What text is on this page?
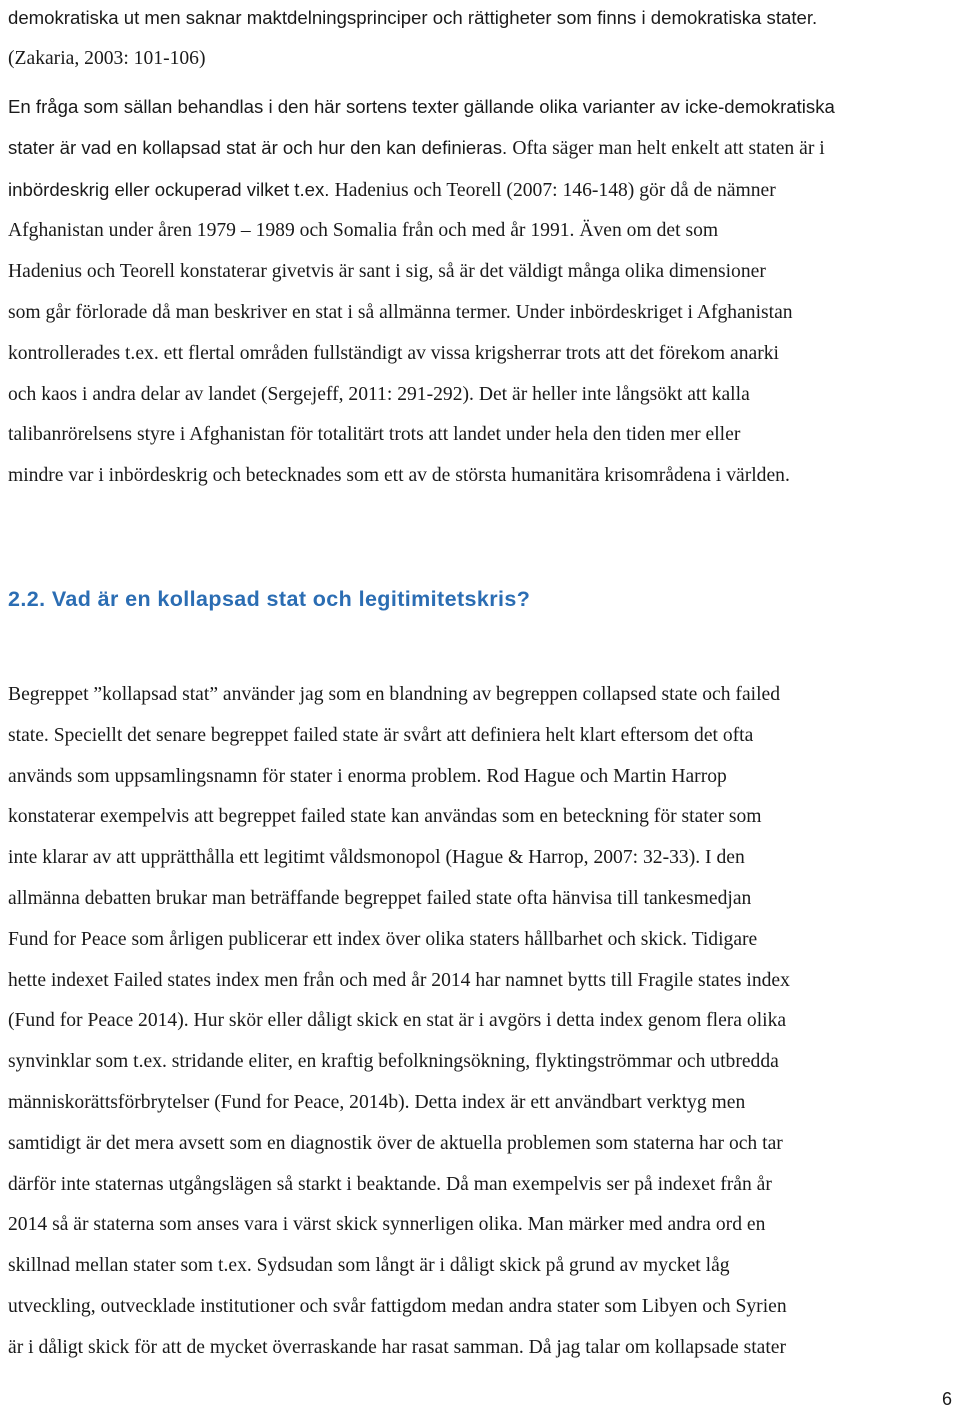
demokratiska ut men saknar maktdelningsprinciper och rättigheter som finns i demokratiska stater.
(Zakaria, 2003: 101-106)
En fråga som sällan behandlas i den här sortens texter gällande olika varianter av icke-demokratiska
stater är vad en kollapsad stat är och hur den kan definieras. Ofta säger man helt enkelt att staten är i
inbördeskrig eller ockuperad vilket t.ex. Hadenius och Teorell (2007: 146-148) gör då de nämner
Afghanistan under åren 1979 – 1989 och Somalia från och med år 1991. Även om det som
Hadenius och Teorell konstaterar givetvis är sant i sig, så är det väldigt många olika dimensioner
som går förlorade då man beskriver en stat i så allmänna termer. Under inbördeskriget i Afghanistan
kontrollerades t.ex. ett flertal områden fullständigt av vissa krigsherrar trots att det förekom anarki
och kaos i andra delar av landet (Sergejeff, 2011: 291-292). Det är heller inte långsökt att kalla
talibanrörelsens styre i Afghanistan för totalitärt trots att landet under hela den tiden mer eller
mindre var i inbördeskrig och betecknades som ett av de största humanitära krisområdena i världen.
2.2. Vad är en kollapsad stat och legitimitetskris?
Begreppet ”kollapsad stat” använder jag som en blandning av begreppen collapsed state och failed
state. Speciellt det senare begreppet failed state är svårt att definiera helt klart eftersom det ofta
används som uppsamlingsnamn för stater i enorma problem. Rod Hague och Martin Harrop
konstaterar exempelvis att begreppet failed state kan användas som en beteckning för stater som
inte klarar av att upprätthålla ett legitimt våldsmonopol (Hague & Harrop, 2007: 32-33). I den
allmänna debatten brukar man beträffande begreppet failed state ofta hänvisa till tankesmedjan
Fund for Peace som årligen publicerar ett index över olika staters hållbarhet och skick. Tidigare
hette indexet Failed states index men från och med år 2014 har namnet bytts till Fragile states index
(Fund for Peace 2014). Hur skör eller dåligt skick en stat är i avgörs i detta index genom flera olika
synvinklar som t.ex. stridande eliter, en kraftig befolkningsökning, flyktingströmmar och utbredda
människorättsförbrytelser (Fund for Peace, 2014b). Detta index är ett användbart verktyg men
samtidigt är det mera avsett som en diagnostik över de aktuella problemen som staterna har och tar
därför inte staternas utgångslägen så starkt i beaktande. Då man exempelvis ser på indexet från år
2014 så är staterna som anses vara i värst skick synnerligen olika. Man märker med andra ord en
skillnad mellan stater som t.ex. Sydsudan som långt är i dåligt skick på grund av mycket låg
utveckling, outvecklade institutioner och svår fattigdom medan andra stater som Libyen och Syrien
är i dåligt skick för att de mycket överraskande har rasat samman. Då jag talar om kollapsade stater
6
